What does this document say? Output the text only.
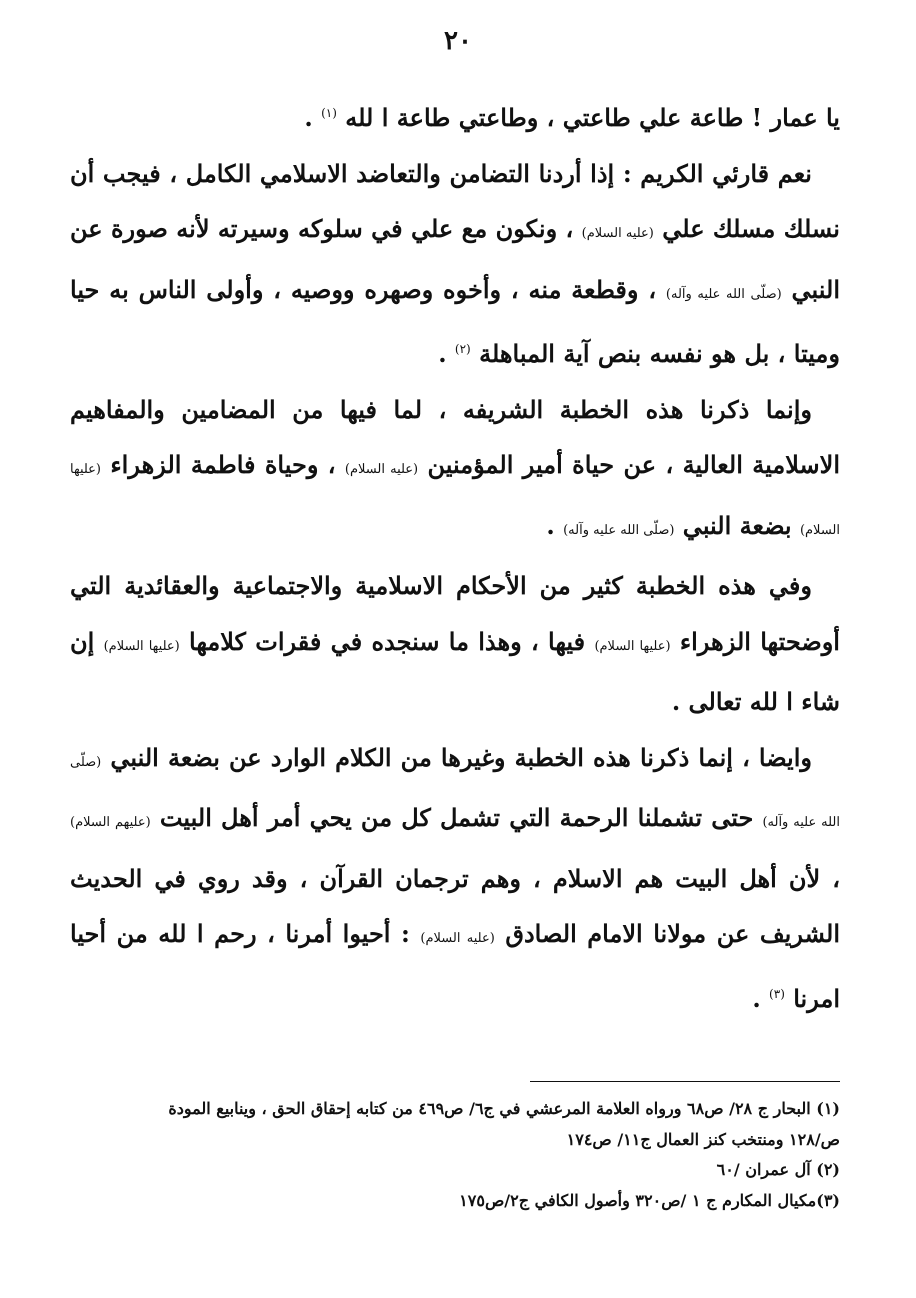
٢٠

يا عمار ! طاعة علي طاعتي ، وطاعتي طاعة ا لله $^{(١)}$ .

نعم قارئي الكريم : إذا أردنا التضامن والتعاضد الاسلامي الكامل ، فيجب أن نسلك مسلك علي (عليه السلام) ، ونكون مع علي في سلوكه وسيرته لأنه صورة عن النبي (صلّى الله عليه وآله) ، وقطعة منه ، وأخوه وصهره ووصيه ، وأولى الناس به حيا وميتا ، بل هو نفسه بنص آية المباهلة $^{(٢)}$ .

وإنما ذكرنا هذه الخطبة الشريفه ، لما فيها من المضامين والمفاهيم الاسلامية العالية ، عن حياة أمير المؤمنين (عليه السلام) ، وحياة فاطمة الزهراء (عليها السلام) بضعة النبي (صلّى الله عليه وآله) .

وفي هذه الخطبة كثير من الأحكام الاسلامية والاجتماعية والعقائدية التي أوضحتها الزهراء (عليها السلام) فيها ، وهذا ما سنجده في فقرات كلامها (عليها السلام) إن شاء ا لله تعالى .

وايضا ، إنما ذكرنا هذه الخطبة وغيرها من الكلام الوارد عن بضعة النبي (صلّى الله عليه وآله) حتى تشملنا الرحمة التي تشمل كل من يحي أمر أهل البيت (عليهم السلام) ، لأن أهل البيت هم الاسلام ، وهم ترجمان القرآن ، وقد روي في الحديث الشريف عن مولانا الامام الصادق (عليه السلام) : أحيوا أمرنا ، رحم ا لله من أحيا امرنا $^{(٣)}$ .

(١) البحار ج ٢٨/ ص٦٨ ورواه العلامة المرعشي في ج٦/ ص٤٦٩ من كتابه إحقاق الحق ، وينابيع المودة
ص/١٢٨ ومنتخب كنز العمال ج١١/ ص١٧٤
(٢) آل عمران /٦٠
(٣)مكيال المكارم ج ١ /ص٣٢٠ وأصول الكافي ج٢/ص١٧٥
